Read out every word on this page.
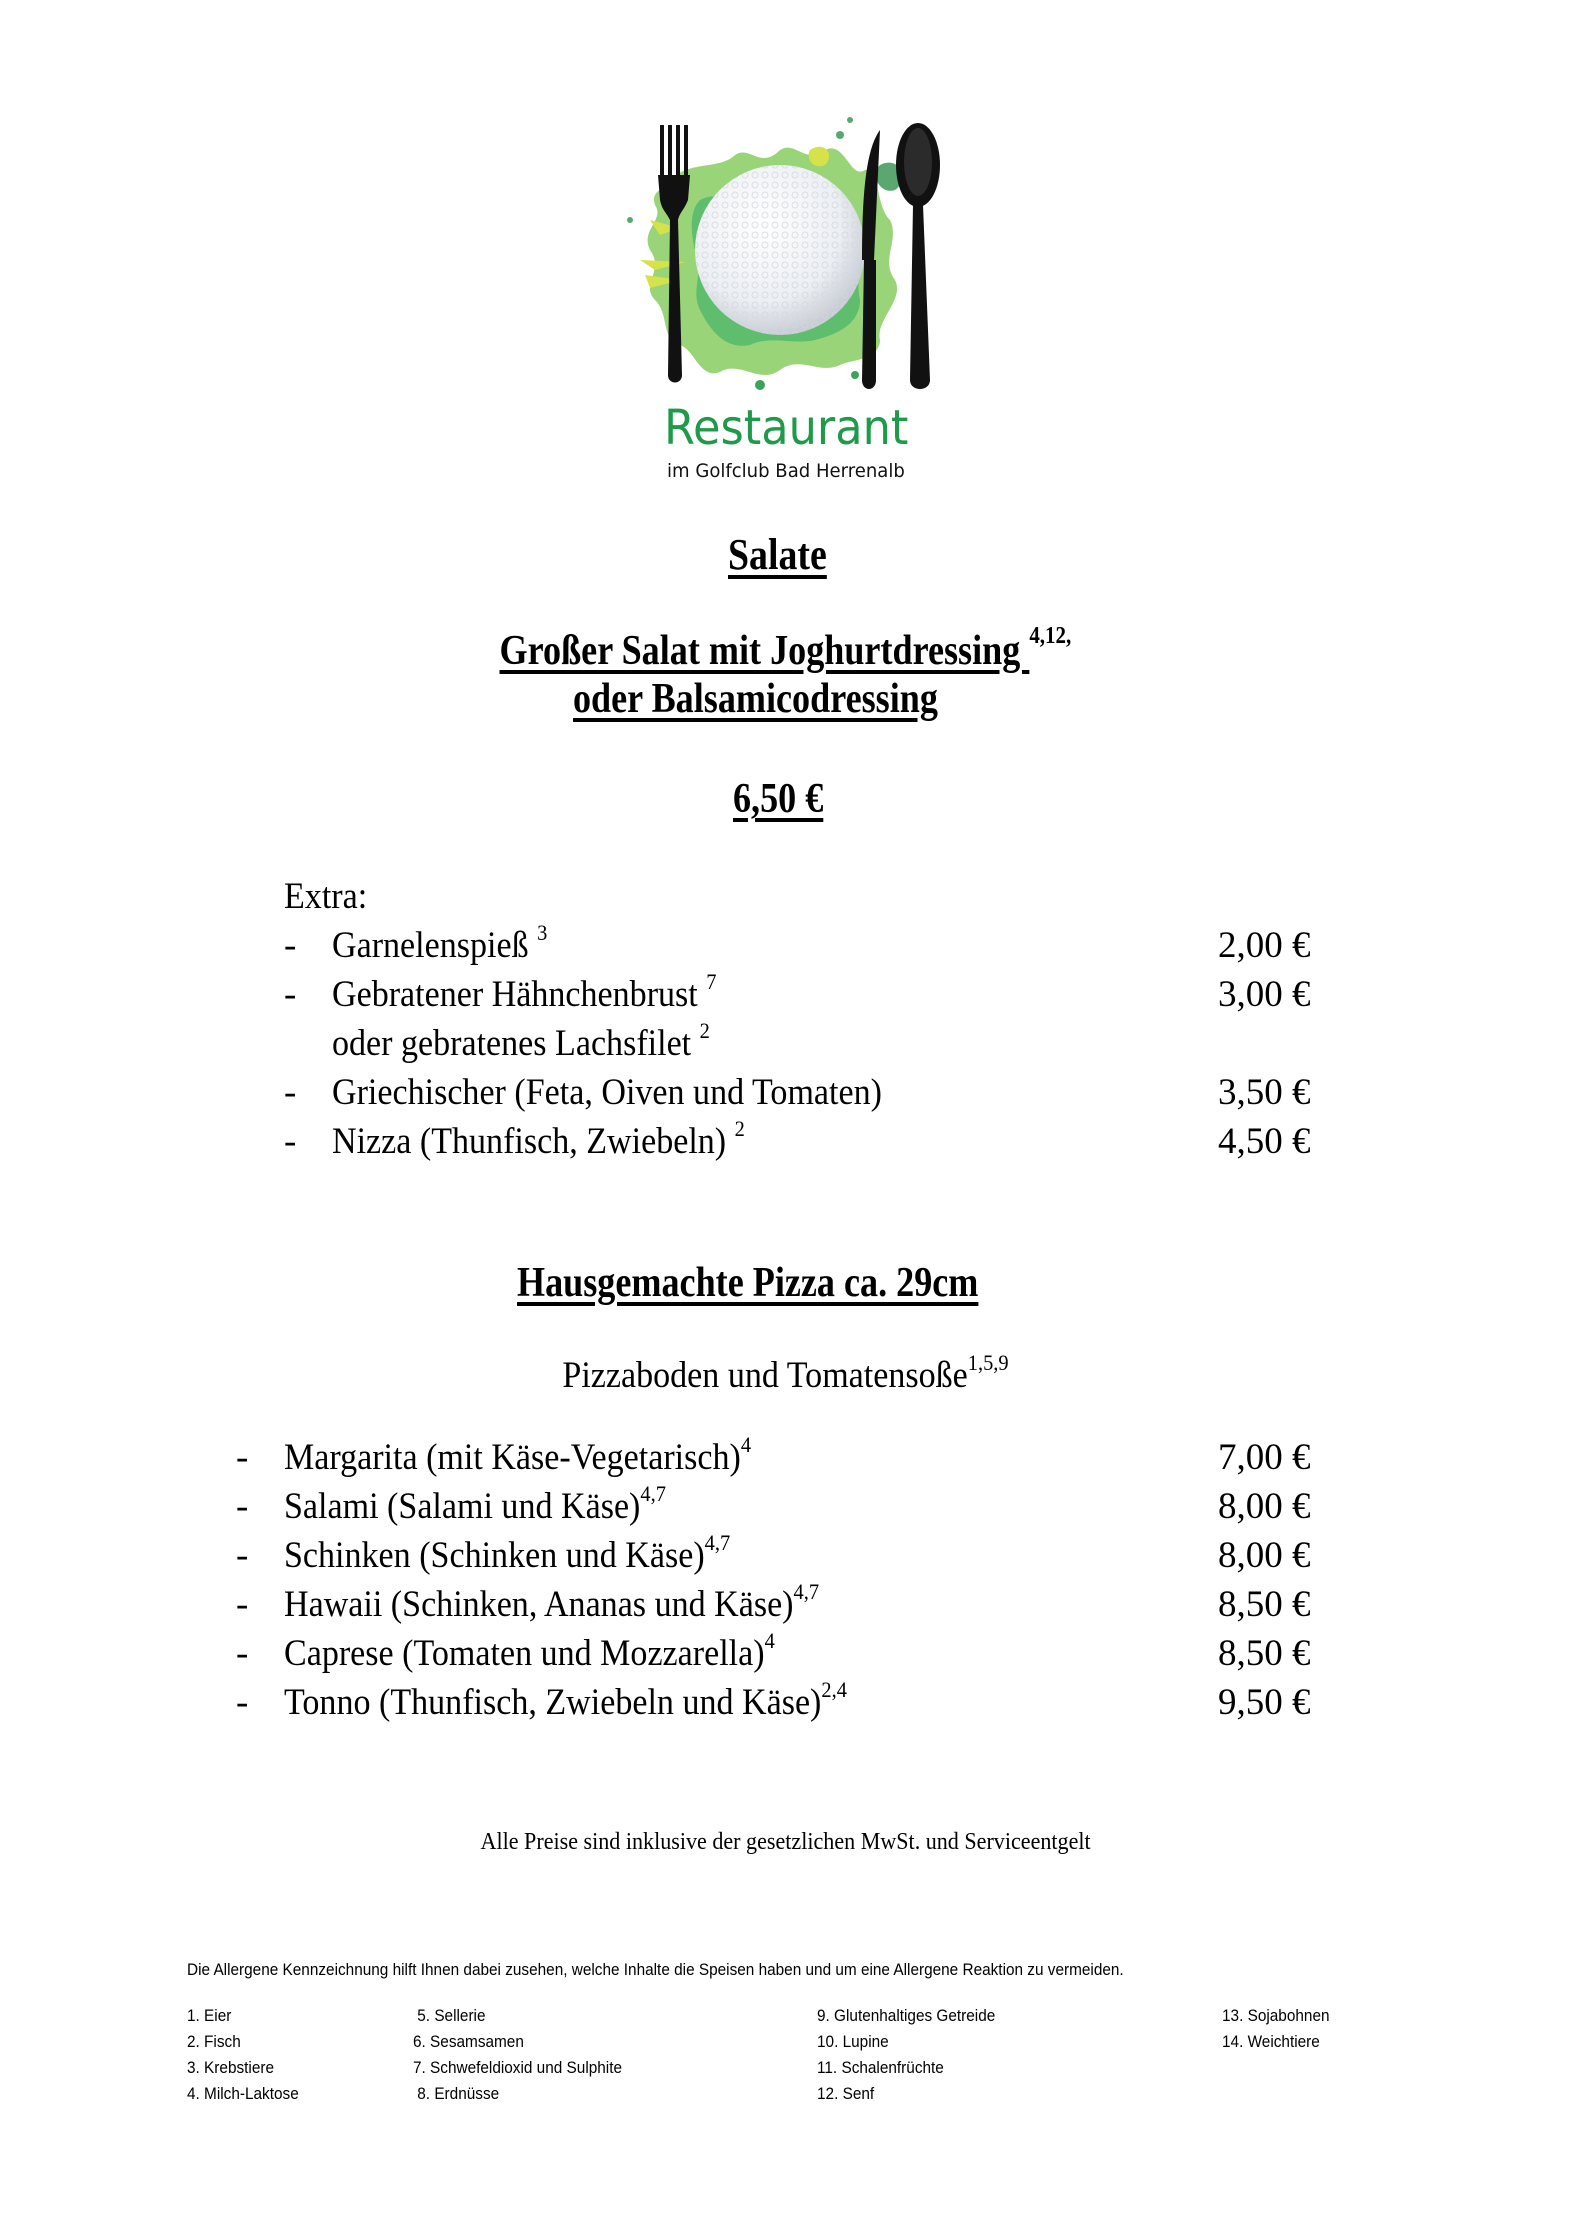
Restaurant
im Golfclub Bad Herrenalb
Salate
Großer Salat mit Joghurtdressing $^{4,12,}$
oder Balsamicodressing
6,50 €
Extra:
- Garnelenspieß $^3$	2,00 €
- Gebratener Hähnchenbrust $^7$	3,00 €
oder gebratenes Lachsfilet $^2$
- Griechischer (Feta, Oiven und Tomaten)	3,50 €
- Nizza (Thunfisch, Zwiebeln) $^2$	4,50 €
Hausgemachte Pizza ca. 29cm
Pizzaboden und Tomatensoße$^{1,5,9}$
- Margarita (mit Käse-Vegetarisch)$^4$	7,00 €
- Salami (Salami und Käse)$^{4,7}$	8,00 €
- Schinken (Schinken und Käse)$^{4,7}$	8,00 €
- Hawaii (Schinken, Ananas und Käse)$^{4,7}$	8,50 €
- Caprese (Tomaten und Mozzarella)$^4$	8,50 €
- Tonno (Thunfisch, Zwiebeln und Käse)$^{2,4}$	9,50 €
Alle Preise sind inklusive der gesetzlichen MwSt. und Serviceentgelt
Die Allergene Kennzeichnung hilft Ihnen dabei zusehen, welche Inhalte die Speisen haben und um eine Allergene Reaktion zu vermeiden.
1. Eier
2. Fisch
3. Krebstiere
4. Milch-Laktose
5. Sellerie
6. Sesamsamen
7. Schwefeldioxid und Sulphite
8. Erdnüsse
9. Glutenhaltiges Getreide
10. Lupine
11. Schalenfrüchte
12. Senf
13. Sojabohnen
14. Weichtiere
